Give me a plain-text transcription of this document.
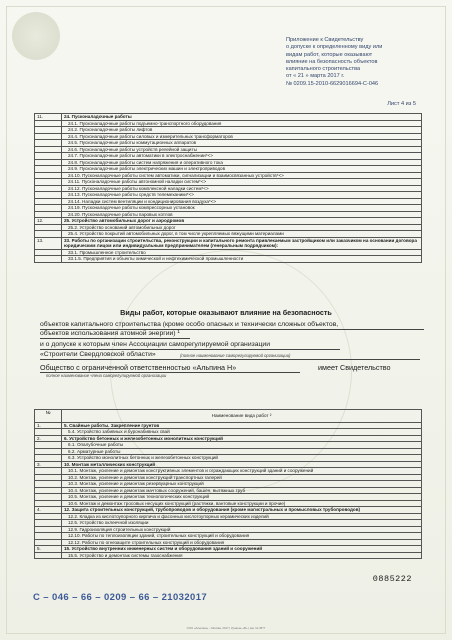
Приложение к Свидетельству
о допуске к определенному виду или
видам работ, которые оказывают
влияние на безопасность объектов
капитального строительства
от « 21 » марта 2017 г.
№ 0209.15-2010-6629016694-С-046
Лист 4 из 5
11.	24. Пусконаладочные работы
	24.1. Пусконаладочные работы подъемно-транспортного оборудования
	24.2. Пусконаладочные работы лифтов
	24.4. Пусконаладочные работы силовых и измерительных трансформаторов
	24.5. Пусконаладочные работы коммутационных аппаратов
	24.6. Пусконаладочные работы устройств релейной защиты
	24.7. Пусконаладочные работы автоматики в электроснабжении*<>
	24.8. Пусконаладочные работы систем напряжения и оперативного тока
	24.9. Пусконаладочные работы электрических машин и электроприводов
	24.10. Пусконаладочные работы систем автоматики, сигнализации и взаимосвязанных устройств*<>
	24.11. Пусконаладочные работы автономной наладки систем*<>
	24.12. Пусконаладочные работы комплексной наладки систем*<>
	24.13. Пусконаладочные работы средств телемеханики*<>
	24.14. Наладки систем вентиляции и кондиционирования воздуха*<>
	24.19. Пусконаладочные работы компрессорных установок
	24.20. Пусконаладочные работы паровых котлов
12.	25. Устройство автомобильных дорог и аэродромов
	25.2. Устройство оснований автомобильных дорог
	25.4. Устройство покрытий автомобильных дорог, в том числе укрепляемых вяжущими материалами
13.	33. Работы по организации строительства, реконструкции и капитального ремонта привлекаемым застройщиком или заказчиком на основании договора юридическим лицом или индивидуальным предпринимателем (генеральным подрядчиком):
	33.1. Промышленное строительство
	33.1.5. Предприятия и объекты химической и нефтехимической промышленности
Виды работ, которые оказывают влияние на безопасность
объектов капитального строительства (кроме особо опасных и технически сложных объектов,
объектов использования атомной энергии) ¹
и о допуске к которым член Ассоциации саморегулируемой организации
«Строители Свердловской области»	(полное наименование саморегулируемой организации)
Общество с ограниченной ответственностью «Альпина Н»	имеет Свидетельство
полное наименование члена саморегулируемой организации
№	Наименование вида работ ²
1.	5. Свайные работы. Закрепление грунтов
	5.4. Устройство забивных и буронабивных свай
2.	6. Устройство бетонных и железобетонных монолитных конструкций
	6.1. Опалубочные работы
	6.2. Арматурные работы
	6.3. Устройство монолитных бетонных и железобетонных конструкций
3.	10. Монтаж металлических конструкций
	10.1. Монтаж, усиление и демонтаж конструктивных элементов и ограждающих конструкций зданий и сооружений
	10.2. Монтаж, усиление и демонтаж конструкций транспортных галерей
	10.3. Монтаж, усиление и демонтаж резервуарных конструкций
	10.4. Монтаж, усиление и демонтаж мачтовых сооружений, башен, вытяжных труб
	10.5. Монтаж, усиление и демонтаж технологических конструкций
	10.6. Монтаж и демонтаж тросовых несущих конструкций (растяжки, вантовые конструкции и прочие)
4.	12. Защита строительных конструкций, трубопроводов и оборудования (кроме магистральных и промысловых трубопроводов)
	12.2. Кладка из кислотоупорного кирпича и фасонных кислотоупорных керамических изделий
	12.5. Устройство оклеечной изоляции
	12.9. Гидроизоляция строительных конструкций
	12.10. Работы по теплоизоляции зданий, строительных конструкций и оборудования
	12.12. Работы по огнезащите строительных конструкций и оборудования
5.	15. Устройство внутренних инженерных систем и оборудования зданий и сооружений
	15.5. Устройство и демонтаж системы газоснабжения
0885222
С – 046 – 66 – 0209 – 66 – 21032017
ООО «Альпина» – Москва, 2017 | Уровень «В» | зак. № 4577
